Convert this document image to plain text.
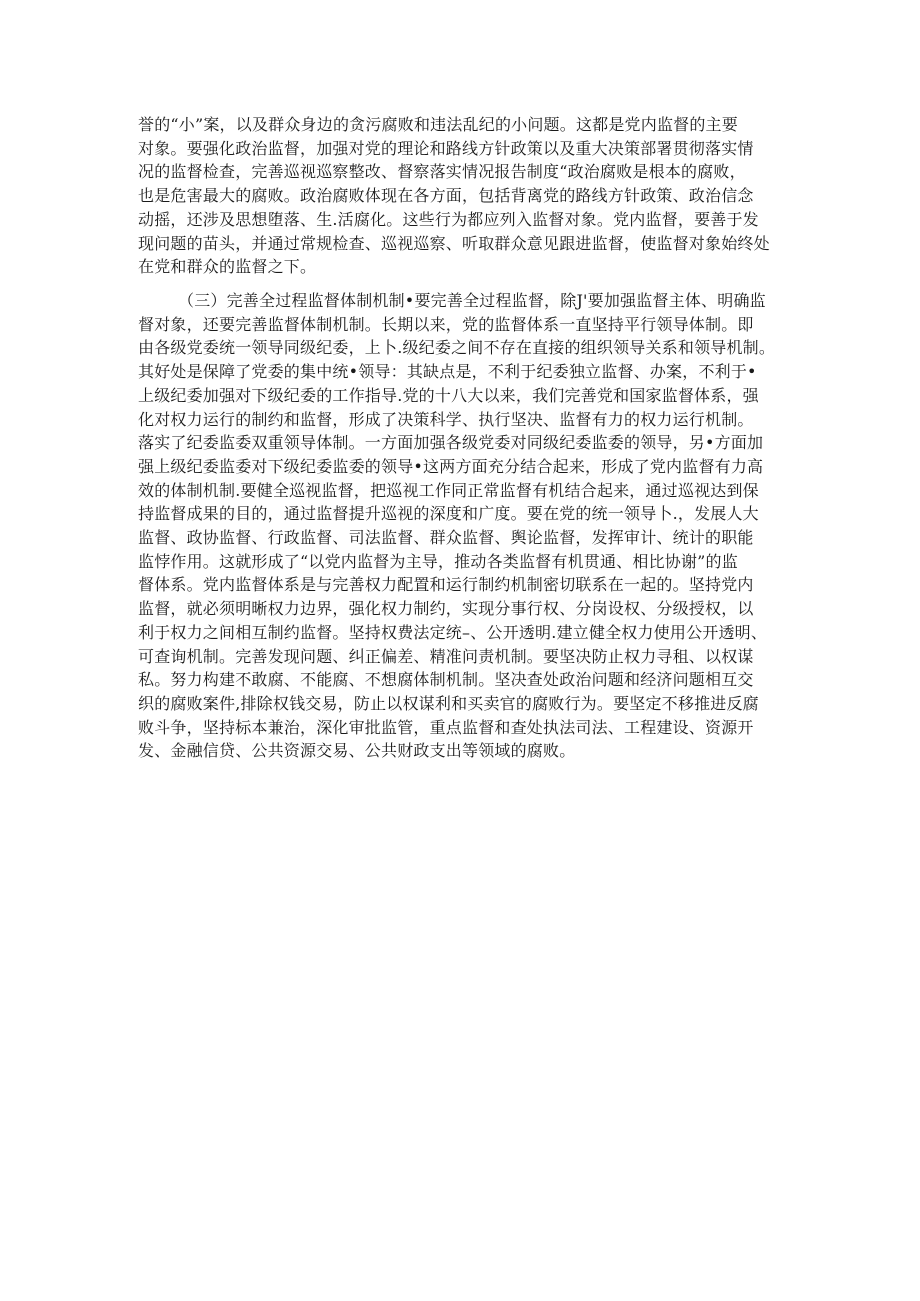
誉的“小”案，以及群众身边的贪污腐败和违法乱纪的小问题。这都是党内监督的主要
对象。要强化政治监督，加强对党的理论和路线方针政策以及重大决策部署贯彻落实情
况的监督检查，完善巡视巡察整改、督察落实情况报告制度“政治腐败是根本的腐败，
也是危害最大的腐败。政治腐败体现在各方面，包括背离党的路线方针政策、政治信念
动摇，还涉及思想堕落、生.活腐化。这些行为都应列入监督对象。党内监督，要善于发
现问题的苗头，并通过常规检查、巡视巡察、听取群众意见跟进监督，使监督对象始终处
在党和群众的监督之下。
（三）完善全过程监督体制机制•要完善全过程监督，除J'要加强监督主体、明确监
督对象，还要完善监督体制机制。长期以来，党的监督体系一直坚持平行领导体制。即
由各级党委统一领导同级纪委，上卜.级纪委之间不存在直接的组织领导关系和领导机制。
其好处是保障了党委的集中统•领导：其缺点是，不利于纪委独立监督、办案，不利于•
上级纪委加强对下级纪委的工作指导.党的十八大以来，我们完善党和国家监督体系，强
化对权力运行的制约和监督，形成了决策科学、执行坚决、监督有力的权力运行机制。
落实了纪委监委双重领导体制。一方面加强各级党委对同级纪委监委的领导，另•方面加
强上级纪委监委对下级纪委监委的领导•这两方面充分结合起来，形成了党内监督有力高
效的体制机制.要健全巡视监督，把巡视工作同正常监督有机结合起来，通过巡视达到保
持监督成果的目的，通过监督提升巡视的深度和广度。要在党的统一领导卜.，发展人大
监督、政协监督、行政监督、司法监督、群众监督、舆论监督，发挥审计、统计的职能
监悖作用。这就形成了“以党内监督为主导，推动各类监督有机贯通、相比协谢”的监
督体系。党内监督体系是与完善权力配置和运行制约机制密切联系在一起的。坚持党内
监督，就必须明晰权力边界，强化权力制约，实现分事行权、分岗设权、分级授权，以
利于权力之间相互制约监督。坚持权费法定统–、公开透明.建立健全权力使用公开透明、
可查询机制。完善发现问题、纠正偏差、精准问责机制。要坚决防止权力寻租、以权谋
私。努力构建不敢腐、不能腐、不想腐体制机制。坚决查处政治问题和经济问题相互交
织的腐败案件,排除权钱交易，防止以权谋利和买卖官的腐败行为。要坚定不移推进反腐
败斗争，坚持标本兼治，深化审批监管，重点监督和查处执法司法、工程建设、资源开
发、金融信贷、公共资源交易、公共财政支出等领域的腐败。
